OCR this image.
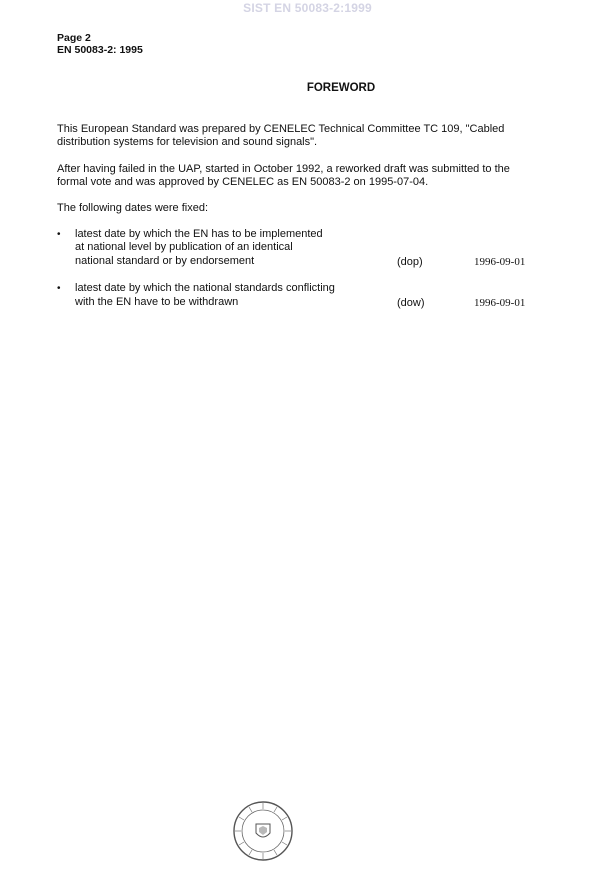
SIST EN 50083-2:1999
Page 2
EN 50083-2: 1995
FOREWORD
This European Standard was prepared by CENELEC Technical Committee TC 109, "Cabled
distribution systems for television and sound signals".
After having failed in the UAP, started in October 1992, a reworked draft was submitted to the
formal vote and was approved by CENELEC as EN 50083-2 on 1995-07-04.
The following dates were fixed:
• latest date by which the EN has to be implemented
at national level by publication of an identical
national standard or by endorsement	(dop)	1996-09-01
• latest date by which the national standards conflicting
with the EN have to be withdrawn	(dow)	1996-09-01
